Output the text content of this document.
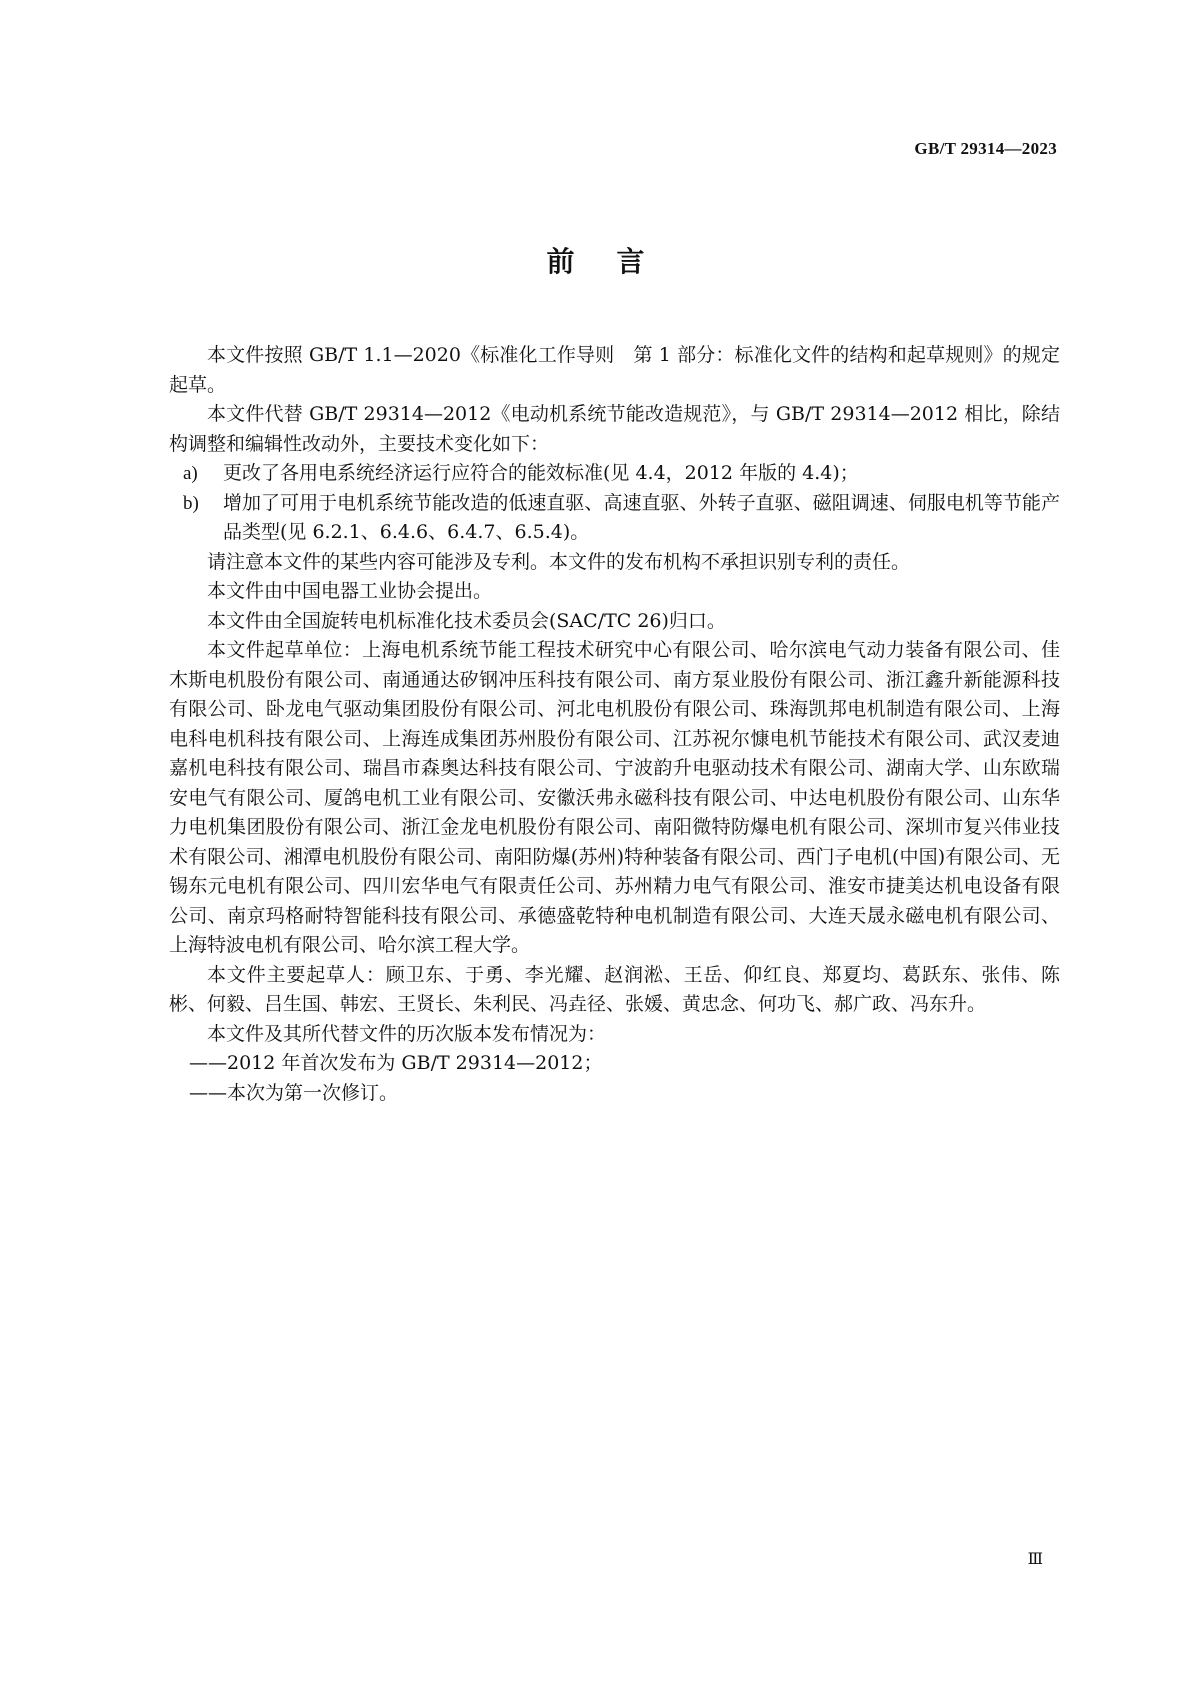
GB/T 29314—2023
前言

本文件按照 GB/T 1.1—2020《标准化工作导则　第 1 部分：标准化文件的结构和起草规则》的规定起草。

本文件代替 GB/T 29314—2012《电动机系统节能改造规范》，与 GB/T 29314—2012 相比，除结构调整和编辑性改动外，主要技术变化如下：

a)	更改了各用电系统经济运行应符合的能效标准(见 4.4，2012 年版的 4.4)；
b)	增加了可用于电机系统节能改造的低速直驱、高速直驱、外转子直驱、磁阻调速、伺服电机等节能产品类型(见 6.2.1、6.4.6、6.4.7、6.5.4)。

请注意本文件的某些内容可能涉及专利。本文件的发布机构不承担识别专利的责任。

本文件由中国电器工业协会提出。

本文件由全国旋转电机标准化技术委员会(SAC/TC 26)归口。

本文件起草单位：上海电机系统节能工程技术研究中心有限公司、哈尔滨电气动力装备有限公司、佳木斯电机股份有限公司、南通通达矽钢冲压科技有限公司、南方泵业股份有限公司、浙江鑫升新能源科技有限公司、卧龙电气驱动集团股份有限公司、河北电机股份有限公司、珠海凯邦电机制造有限公司、上海电科电机科技有限公司、上海连成集团苏州股份有限公司、江苏祝尔慷电机节能技术有限公司、武汉麦迪嘉机电科技有限公司、瑞昌市森奥达科技有限公司、宁波韵升电驱动技术有限公司、湖南大学、山东欧瑞安电气有限公司、厦鸽电机工业有限公司、安徽沃弗永磁科技有限公司、中达电机股份有限公司、山东华力电机集团股份有限公司、浙江金龙电机股份有限公司、南阳微特防爆电机有限公司、深圳市复兴伟业技术有限公司、湘潭电机股份有限公司、南阳防爆(苏州)特种装备有限公司、西门子电机(中国)有限公司、无锡东元电机有限公司、四川宏华电气有限责任公司、苏州精力电气有限公司、淮安市捷美达机电设备有限公司、南京玛格耐特智能科技有限公司、承德盛乾特种电机制造有限公司、大连天晟永磁电机有限公司、上海特波电机有限公司、哈尔滨工程大学。

本文件主要起草人：顾卫东、于勇、李光耀、赵润淞、王岳、仰红良、郑夏均、葛跃东、张伟、陈彬、何毅、吕生国、韩宏、王贤长、朱利民、冯垚径、张媛、黄忠念、何功飞、郝广政、冯东升。

本文件及其所代替文件的历次版本发布情况为：

——2012 年首次发布为 GB/T 29314—2012；

——本次为第一次修订。

Ⅲ
